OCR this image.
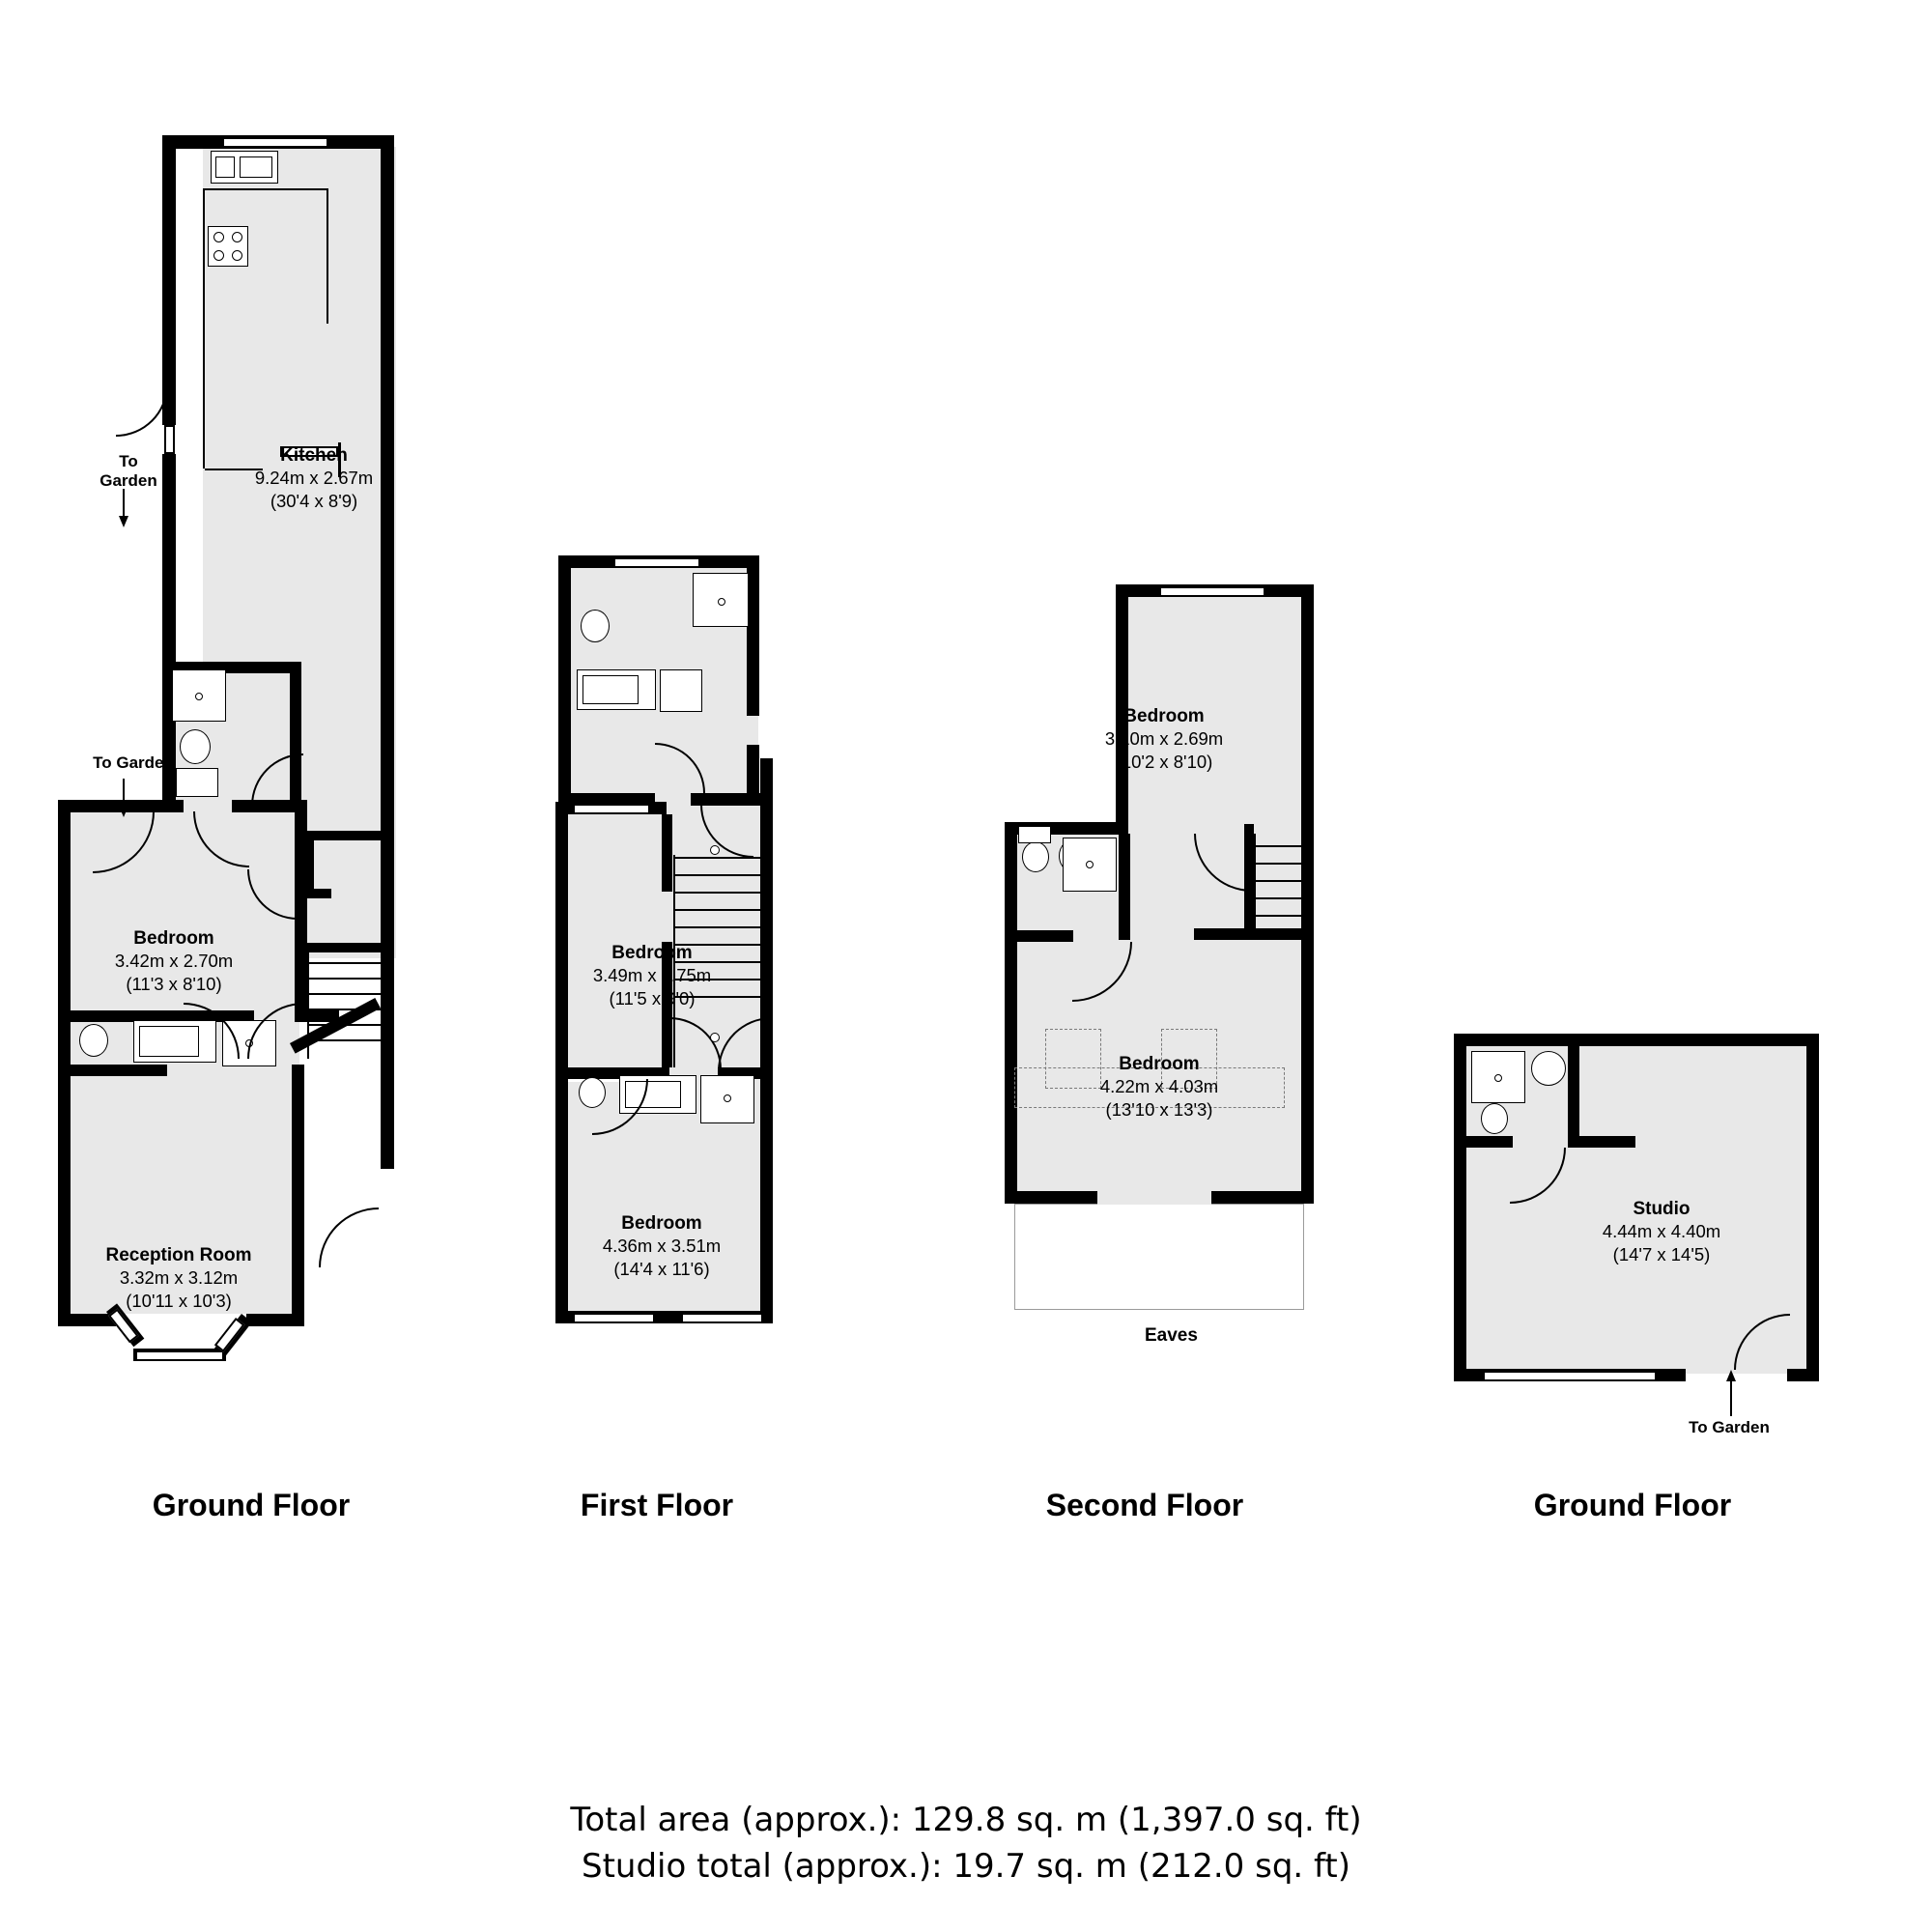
To
Garden
To Garden
Kitchen
9.24m x 2.67m
(30'4 x 8'9)
Bedroom
3.42m x 2.70m
(11'3 x 8'10)
Reception Room
3.32m x 3.12m
(10'11 x 10'3)
Ground Floor
Bedroom
3.49m x 2.75m
(11'5 x 9'0)
Bedroom
4.36m x 3.51m
(14'4 x 11'6)
First Floor
Bedroom
3.10m x 2.69m
(10'2 x 8'10)
Bedroom
4.22m x 4.03m
(13'10 x 13'3)
Eaves
Second Floor
Studio
4.44m x 4.40m
(14'7 x 14'5)
To Garden
Ground Floor
Total area (approx.): 129.8 sq. m (1,397.0 sq. ft)
Studio total (approx.): 19.7 sq. m (212.0 sq. ft)
